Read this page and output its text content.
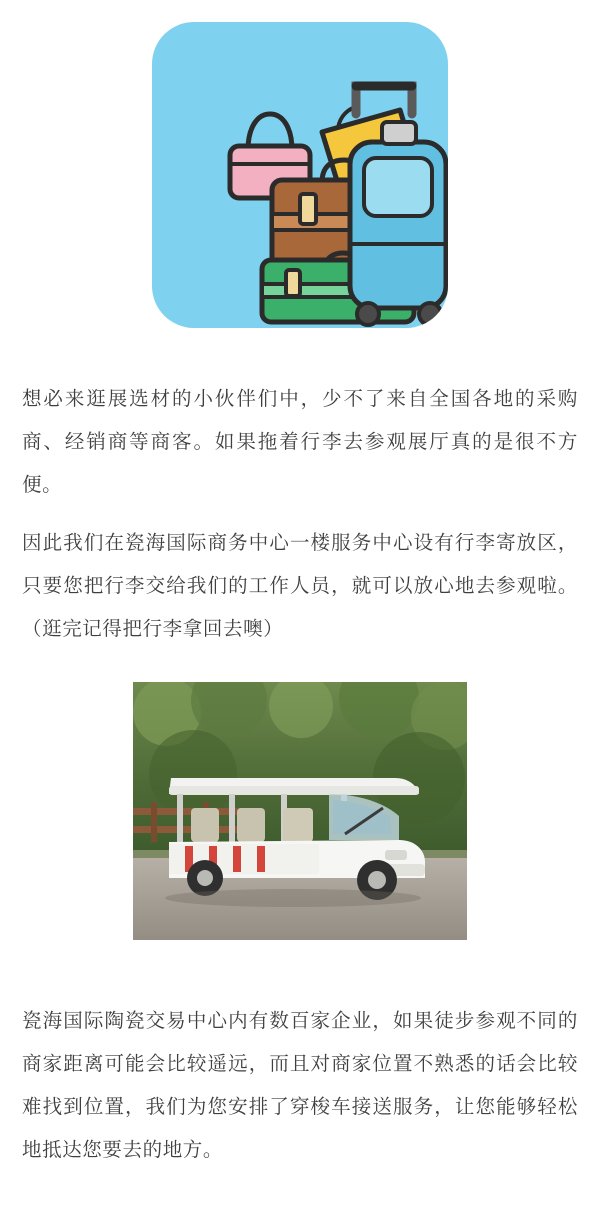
想必来逛展选材的小伙伴们中，少不了来自全国各地的采购商、经销商等商客。如果拖着行李去参观展厅真的是很不方便。

因此我们在瓷海国际商务中心一楼服务中心设有行李寄放区，只要您把行李交给我们的工作人员，就可以放心地去参观啦。（逛完记得把行李拿回去噢）

瓷海国际陶瓷交易中心内有数百家企业，如果徒步参观不同的商家距离可能会比较遥远，而且对商家位置不熟悉的话会比较难找到位置，我们为您安排了穿梭车接送服务，让您能够轻松地抵达您要去的地方。
